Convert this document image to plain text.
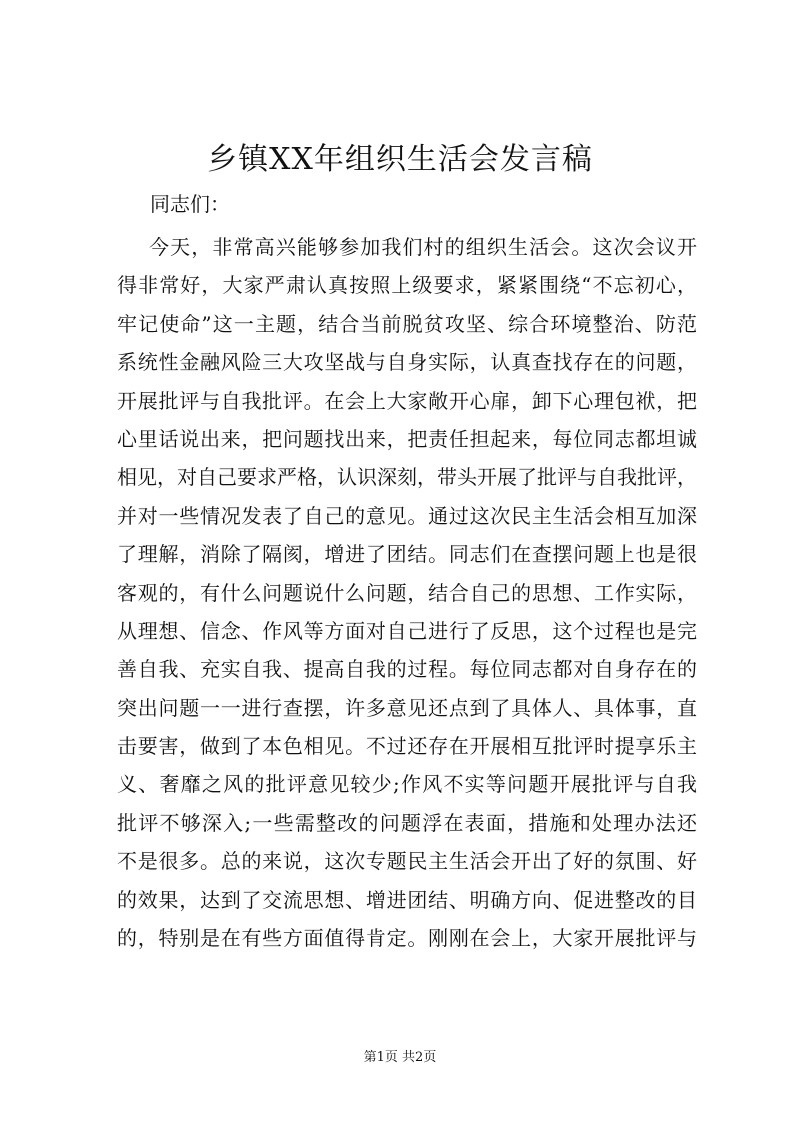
乡镇XX年组织生活会发言稿

同志们：

今天，非常高兴能够参加我们村的组织生活会。这次会议开
得非常好，大家严肃认真按照上级要求，紧紧围绕“不忘初心，
牢记使命”这一主题，结合当前脱贫攻坚、综合环境整治、防范
系统性金融风险三大攻坚战与自身实际，认真查找存在的问题，
开展批评与自我批评。在会上大家敞开心扉，卸下心理包袱，把
心里话说出来，把问题找出来，把责任担起来，每位同志都坦诚
相见，对自己要求严格，认识深刻，带头开展了批评与自我批评，
并对一些情况发表了自己的意见。通过这次民主生活会相互加深
了理解，消除了隔阂，增进了团结。同志们在查摆问题上也是很
客观的，有什么问题说什么问题，结合自己的思想、工作实际，
从理想、信念、作风等方面对自己进行了反思，这个过程也是完
善自我、充实自我、提高自我的过程。每位同志都对自身存在的
突出问题一一进行查摆，许多意见还点到了具体人、具体事，直
击要害，做到了本色相见。不过还存在开展相互批评时提享乐主
义、奢靡之风的批评意见较少;作风不实等问题开展批评与自我
批评不够深入;一些需整改的问题浮在表面，措施和处理办法还
不是很多。总的来说，这次专题民主生活会开出了好的氛围、好
的效果，达到了交流思想、增进团结、明确方向、促进整改的目
的，特别是在有些方面值得肯定。刚刚在会上，大家开展批评与

第1页 共2页
